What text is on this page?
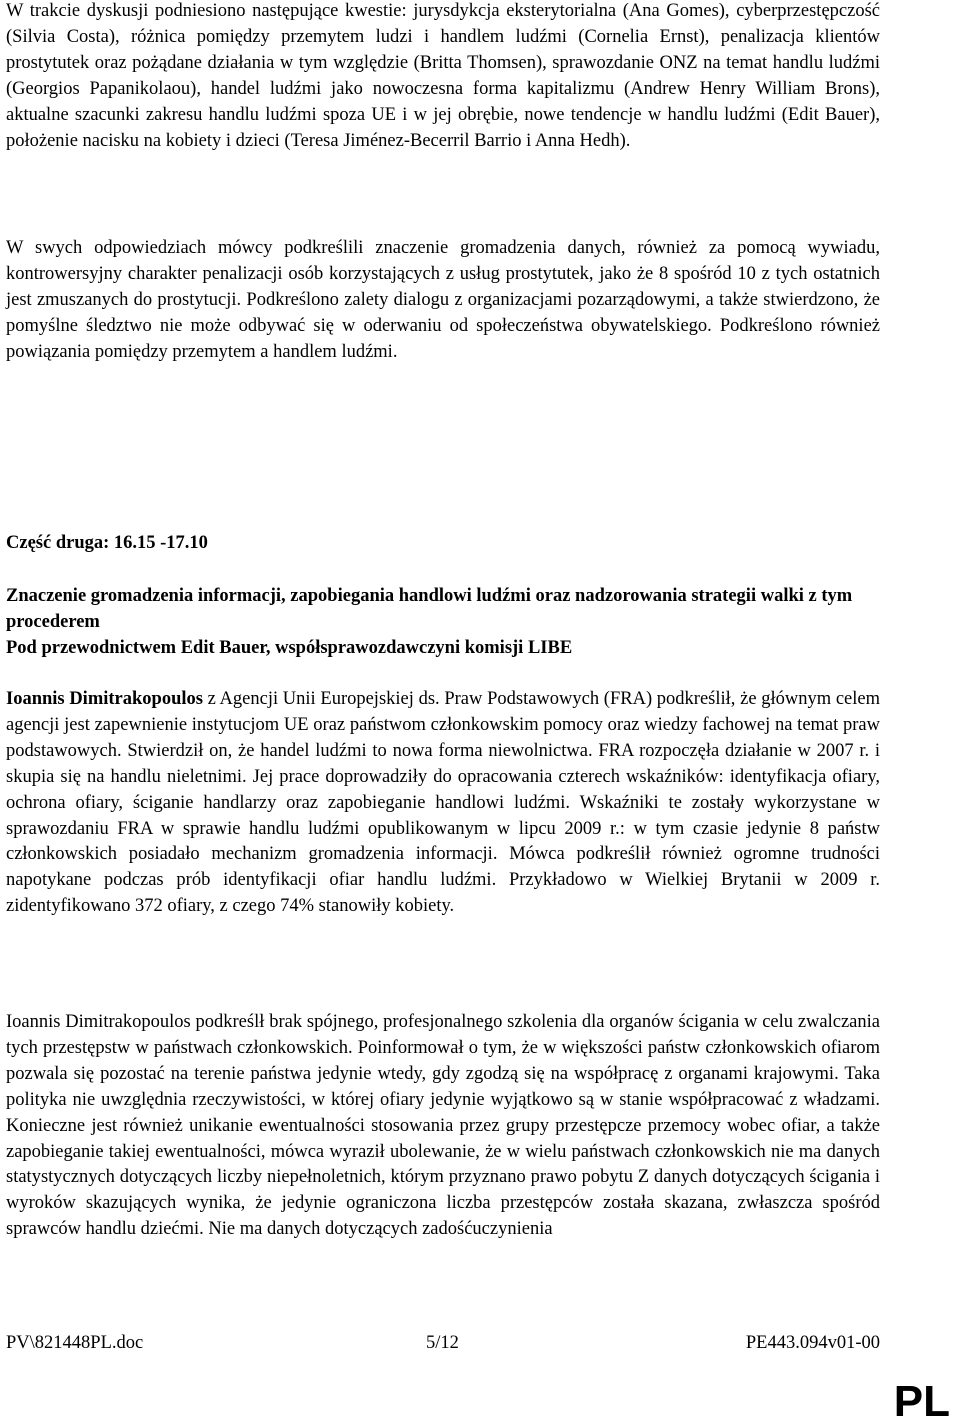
W trakcie dyskusji podniesiono następujące kwestie: jurysdykcja eksterytorialna (Ana Gomes), cyberprzestępczość (Silvia Costa), różnica pomiędzy przemytem ludzi i handlem ludźmi (Cornelia Ernst), penalizacja klientów prostytutek oraz pożądane działania w tym względzie (Britta Thomsen), sprawozdanie ONZ na temat handlu ludźmi (Georgios Papanikolaou), handel ludźmi jako nowoczesna forma kapitalizmu (Andrew Henry William Brons), aktualne szacunki zakresu handlu ludźmi spoza UE i w jej obrębie, nowe tendencje w handlu ludźmi (Edit Bauer), położenie nacisku na kobiety i dzieci (Teresa Jiménez-Becerril Barrio i Anna Hedh).

W swych odpowiedziach mówcy podkreślili znaczenie gromadzenia danych, również za pomocą wywiadu, kontrowersyjny charakter penalizacji osób korzystających z usług prostytutek, jako że 8 spośród 10 z tych ostatnich jest zmuszanych do prostytucji. Podkreślono zalety dialogu z organizacjami pozarządowymi, a także stwierdzono, że pomyślne śledztwo nie może odbywać się w oderwaniu od społeczeństwa obywatelskiego. Podkreślono również powiązania pomiędzy przemytem a handlem ludźmi.

Część druga: 16.15 -17.10
Znaczenie gromadzenia informacji, zapobiegania handlowi ludźmi oraz nadzorowania strategii walki z tym procederem
Pod przewodnictwem Edit Bauer, współsprawozdawczyni komisji LIBE

Ioannis Dimitrakopoulos z Agencji Unii Europejskiej ds. Praw Podstawowych (FRA) podkreślił, że głównym celem agencji jest zapewnienie instytucjom UE oraz państwom członkowskim pomocy oraz wiedzy fachowej na temat praw podstawowych. Stwierdził on, że handel ludźmi to nowa forma niewolnictwa. FRA rozpoczęła działanie w 2007 r. i skupia się na handlu nieletnimi. Jej prace doprowadziły do opracowania czterech wskaźników: identyfikacja ofiary, ochrona ofiary, ściganie handlarzy oraz zapobieganie handlowi ludźmi. Wskaźniki te zostały wykorzystane w sprawozdaniu FRA w sprawie handlu ludźmi opublikowanym w lipcu 2009 r.: w tym czasie jedynie 8 państw członkowskich posiadało mechanizm gromadzenia informacji. Mówca podkreślił również ogromne trudności napotykane podczas prób identyfikacji ofiar handlu ludźmi. Przykładowo w Wielkiej Brytanii w 2009 r. zidentyfikowano 372 ofiary, z czego 74% stanowiły kobiety.

Ioannis Dimitrakopoulos podkreślł brak spójnego, profesjonalnego szkolenia dla organów ścigania w celu zwalczania tych przestępstw w państwach członkowskich. Poinformował o tym, że w większości państw członkowskich ofiarom pozwala się pozostać na terenie państwa jedynie wtedy, gdy zgodzą się na współpracę z organami krajowymi. Taka polityka nie uwzględnia rzeczywistości, w której ofiary jedynie wyjątkowo są w stanie współpracować z władzami. Konieczne jest również unikanie ewentualności stosowania przez grupy przestępcze przemocy wobec ofiar, a także zapobieganie takiej ewentualności, mówca wyraził ubolewanie, że w wielu państwach członkowskich nie ma danych statystycznych dotyczących liczby niepełnoletnich, którym przyznano prawo pobytu Z danych dotyczących ścigania i wyroków skazujących wynika, że jedynie ograniczona liczba przestępców została skazana, zwłaszcza spośród sprawców handlu dziećmi. Nie ma danych dotyczących zadośćuczynienia

PV\821448PL.doc	5/12	PE443.094v01-00
PL
